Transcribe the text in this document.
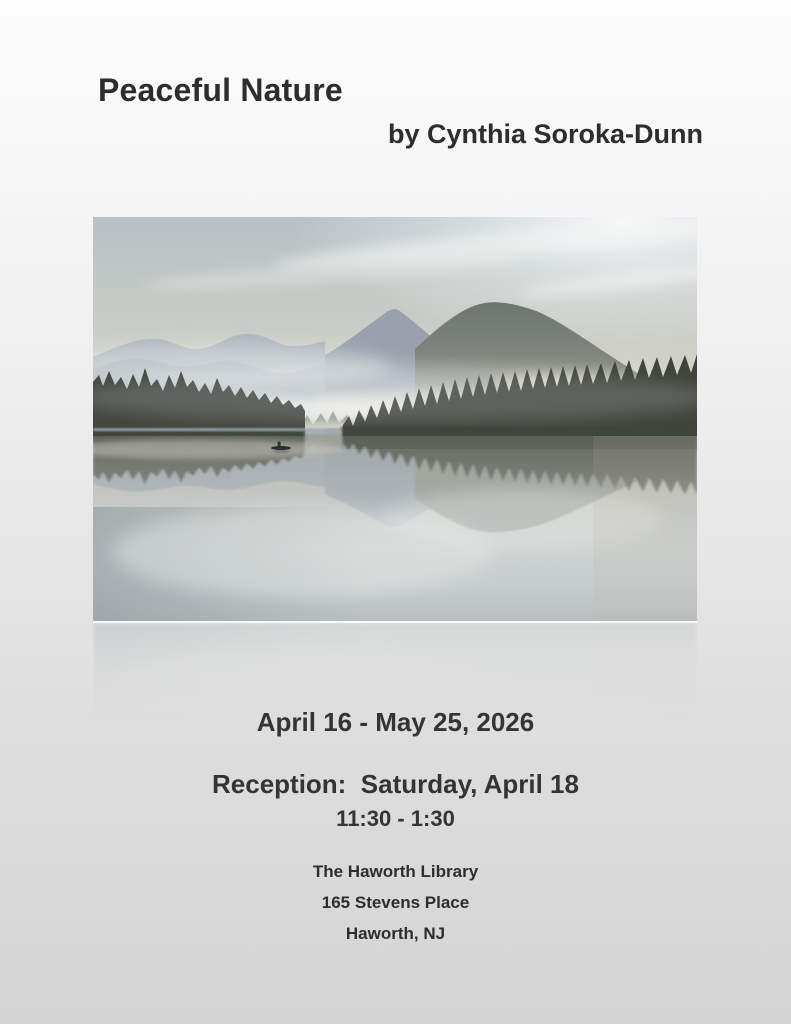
Peaceful Nature
by Cynthia Soroka-Dunn
April 16 - May 25, 2026
Reception:  Saturday, April 18
11:30 - 1:30
The Haworth Library
165 Stevens Place
Haworth, NJ
